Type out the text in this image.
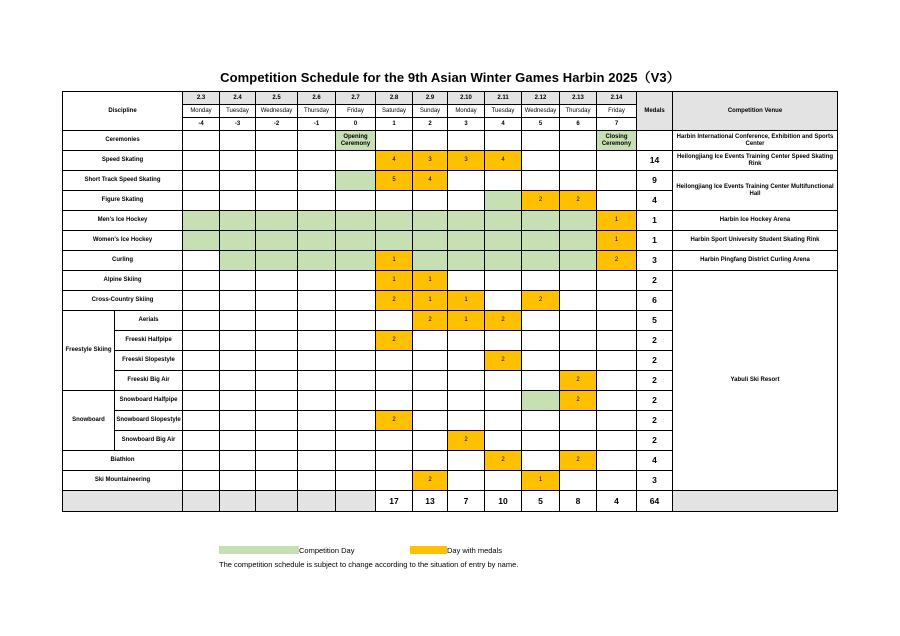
Competition Schedule for the 9th Asian Winter Games Harbin 2025（V3）
Discipline		2.3	2.4	2.5	2.6	2.7	2.8	2.9	2.10	2.11	2.12	2.13	2.14	Medals	Competition Venue
		Monday	Tuesday	Wednesday	Thursday	Friday	Saturday	Sunday	Monday	Tuesday	Wednesday	Thursday	Friday		
		-4	-3	-2	-1	0	1	2	3	4	5	6	7		
Ceremonies						Opening Ceremony							Closing Ceremony		Harbin International Conference, Exhibition and Sports Center
Speed Skating							4	3	3	4				14	Heilongjiang Ice Events Training Center Speed Skating Rink
Short Track Speed Skating							5	4						9	Heilongjiang Ice Events Training Center Multifunctional Hall
Figure Skating											2	2		4	
Men's Ice Hockey													1	1	Harbin Ice Hockey Arena
Women's Ice Hockey													1	1	Harbin Sport University Student Skating Rink
Curling							1						2	3	Harbin Pingfang District Curling Arena
Alpine Skiing							1	1						2	Yabuli Ski Resort
Cross-Country Skiing							2	1	1		2			6	
Freestyle Skiing	Aerials							2	1	2				5	
	Freeski Halfpipe						2							2	
	Freeski Slopestyle									2				2	
	Freeski Big Air											2		2	
Snowboard	Snowboard Halfpipe											2		2	
	Snowboard Slopestyle						2							2	
	Snowboard Big Air								2					2	
Biathlon										2		2		4	
Ski Mountaineering								2			1			3	
							17	13	7	10	5	8	4	64	
Competition Day	Day with medals
The competition schedule is subject to change according to the situation of entry by name.
